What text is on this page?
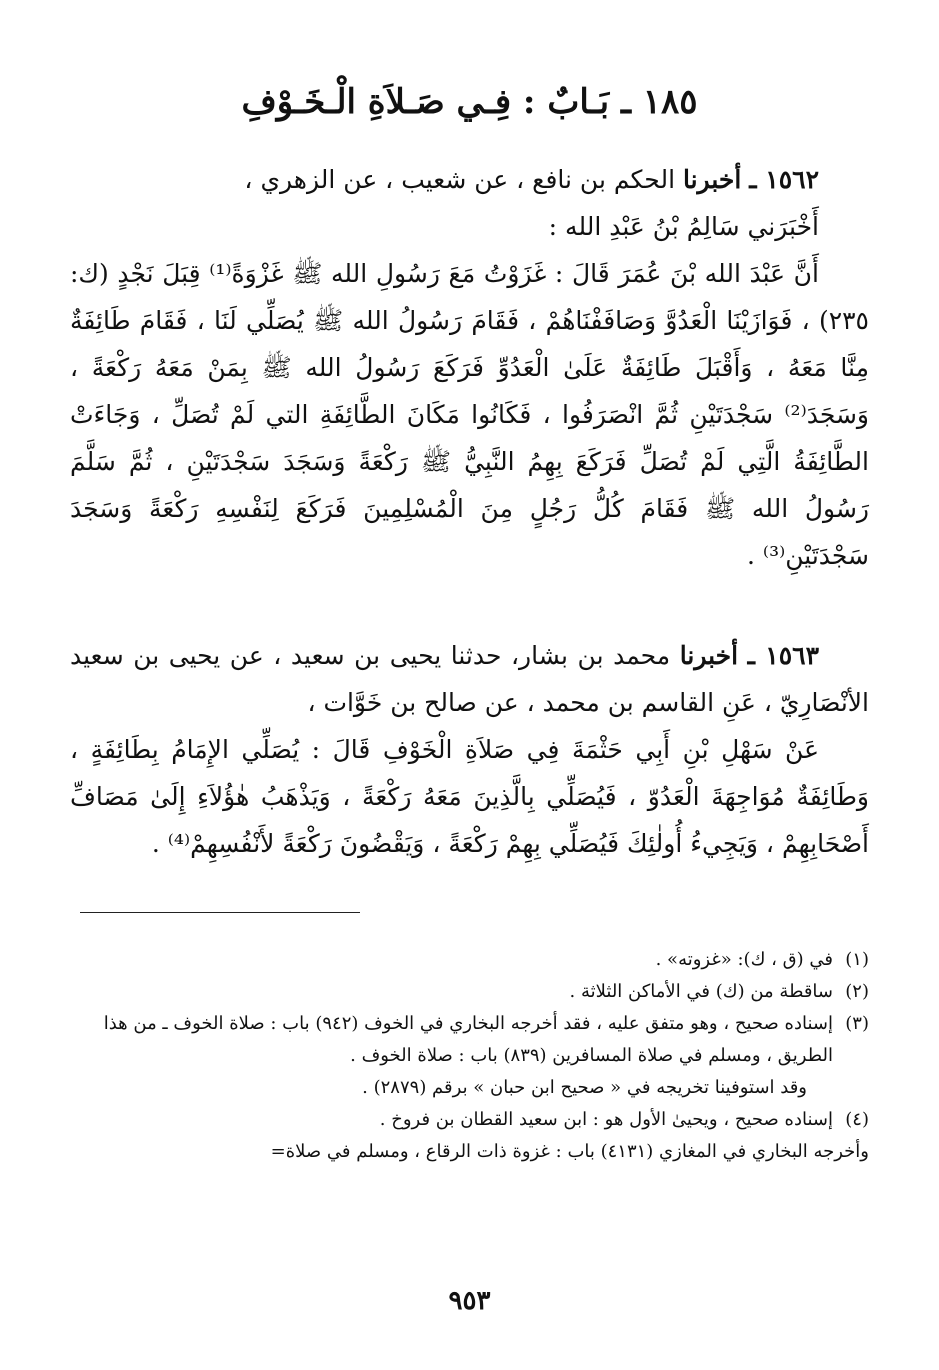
١٨٥ ـ بَـابٌ : فِـي صَـلاَةِ الْـخَـوْفِ

١٥٦٢ ـ أخبرنا الحكم بن نافع ، عن شعيب ، عن الزهري ،
أَخْبَرَني سَالِمُ بْنُ عَبْدِ الله :
أَنَّ عَبْدَ الله بْنَ عُمَرَ قَالَ : غَزَوْتُ مَعَ رَسُولِ الله ﷺ غَزْوَةً⁽¹⁾ قِبَلَ نَجْدٍ (ك: ٢٣٥) ، فَوَازَيْنَا الْعَدُوَّ وَصَافَفْنَاهُمْ ، فَقَامَ رَسُولُ الله ﷺ يُصَلِّي لَنَا ، فَقَامَ طَائِفَةٌ مِنَّا مَعَهُ ، وَأَقْبَلَ طَائِفَةٌ عَلَىٰ الْعَدُوِّ فَرَكَعَ رَسُولُ الله ﷺ بِمَنْ مَعَهُ رَكْعَةً ، وَسَجَدَ⁽²⁾ سَجْدَتَيْنِ ثُمَّ انْصَرَفُوا ، فَكَانُوا مَكَانَ الطَّائِفَةِ التي لَمْ تُصَلِّ ، وَجَاءَتْ الطَّائِفَةُ الَّتِي لَمْ تُصَلِّ فَرَكَعَ بِهِمُ النَّبِيُّ ﷺ رَكْعَةً وَسَجَدَ سَجْدَتَيْنِ ، ثُمَّ سَلَّمَ رَسُولُ الله ﷺ فَقَامَ كُلُّ رَجُلٍ مِنَ الْمُسْلِمِينَ فَرَكَعَ لِنَفْسِهِ رَكْعَةً وَسَجَدَ سَجْدَتَيْنِ⁽³⁾ .

١٥٦٣ ـ أخبرنا محمد بن بشار، حدثنا يحيى بن سعيد ، عن يحيى بن سعيد الأنْصَارِيّ ، عَنِ القاسم بن محمد ، عن صالح بن خَوَّات ،
عَنْ سَهْلِ بْنِ أَبِي حَثْمَةَ فِي صَلاَةِ الْخَوْفِ قَالَ : يُصَلِّي الإِمَامُ بِطَائِفَةٍ ، وَطَائِفَةٌ مُوَاجِهَةَ الْعَدُوّ ، فَيُصَلِّي بِالَّذِينَ مَعَهُ رَكْعَةً ، وَيَذْهَبُ هٰؤُلاَءِ إِلَىٰ مَصَافِّ أَصْحَابِهِمْ ، وَيَجِيءُ أُولٰئِكَ فَيُصَلِّي بِهِمْ رَكْعَةً ، وَيَقْضُونَ رَكْعَةً لأَنْفُسِهِمْ⁽⁴⁾ .

(١)
في (ق ، ك): «غزوته» .
(٢)
ساقطة من (ك) في الأماكن الثلاثة .
(٣)
إسناده صحيح ، وهو متفق عليه ، فقد أخرجه البخاري في الخوف (٩٤٢) باب : صلاة الخوف ـ من هذا الطريق ، ومسلم في صلاة المسافرين (٨٣٩) باب : صلاة الخوف .
وقد استوفينا تخريجه في « صحيح ابن حبان » برقم (٢٨٧٩) .
(٤)
إسناده صحيح ، ويحيىٰ الأول هو : ابن سعيد القطان بن فروخ .
وأخرجه البخاري في المغازي (٤١٣١) باب : غزوة ذات الرقاع ، ومسلم في صلاة=
٩٥٣
